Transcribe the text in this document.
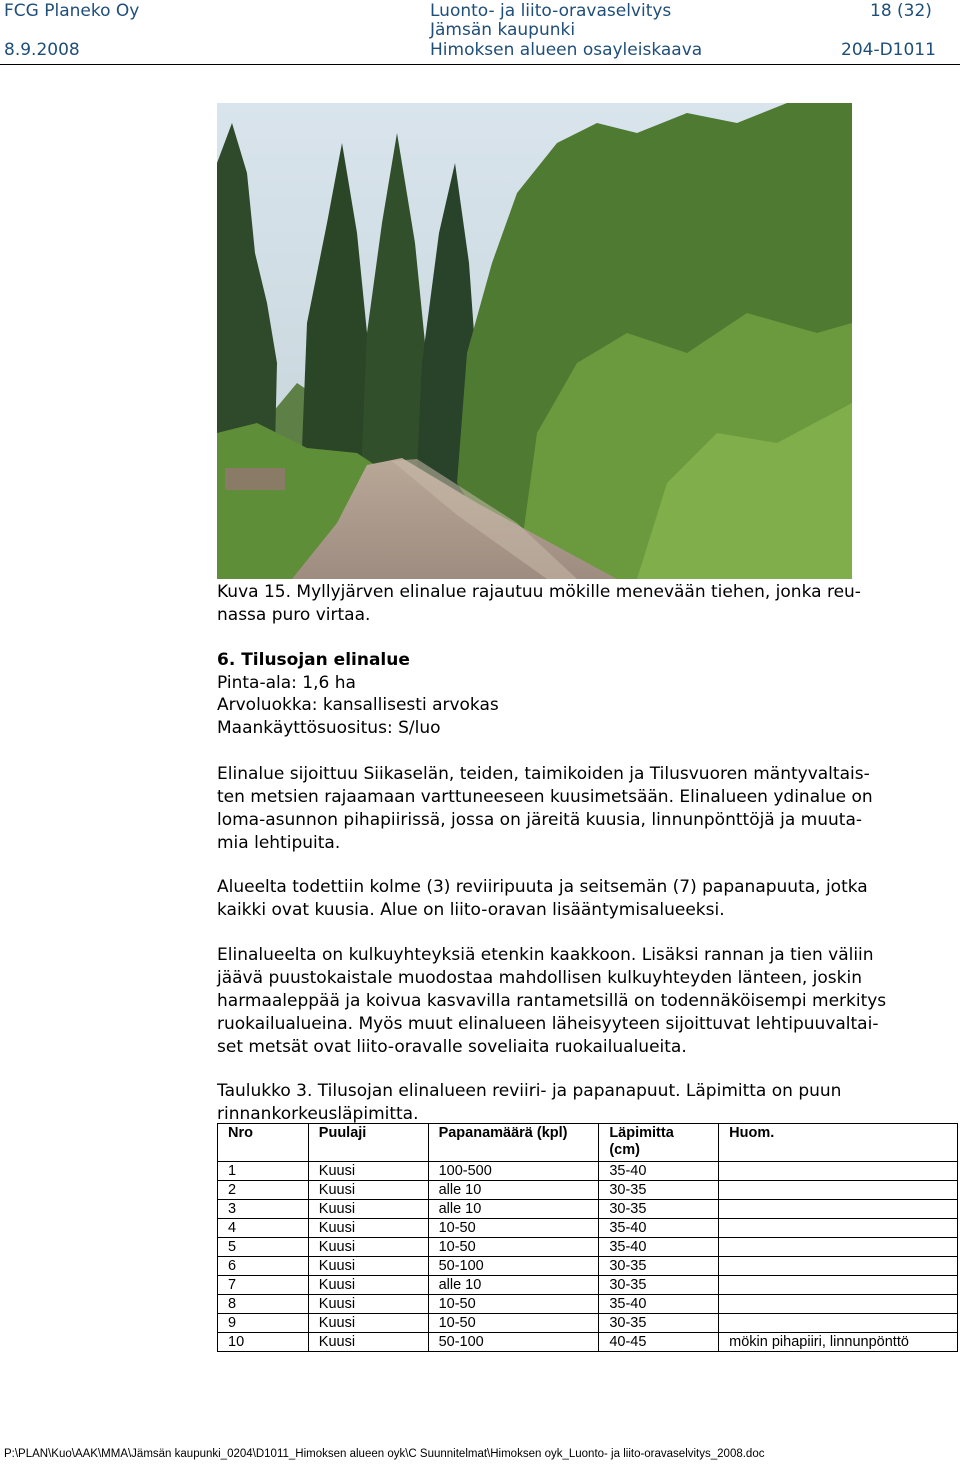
FCG Planeko Oy
8.9.2008
Luonto- ja liito-oravaselvitys
Jämsän kaupunki
Himoksen alueen osayleiskaava
18 (32)
204-D1011
Kuva 15. Myllyjärven elinalue rajautuu mökille menevään tiehen, jonka reu-
nassa puro virtaa.
6. Tilusojan elinalue
Pinta-ala: 1,6 ha
Arvoluokka: kansallisesti arvokas
Maankäyttösuositus: S/luo
Elinalue sijoittuu Siikaselän, teiden, taimikoiden ja Tilusvuoren mäntyvaltais-
ten metsien rajaamaan varttuneeseen kuusimetsään. Elinalueen ydinalue on
loma-asunnon pihapiirissä, jossa on järeitä kuusia, linnunpönttöjä ja muuta-
mia lehtipuita.
Alueelta todettiin kolme (3) reviiripuuta ja seitsemän (7) papanapuuta, jotka
kaikki ovat kuusia. Alue on liito-oravan lisääntymisalueeksi.
Elinalueelta on kulkuyhteyksiä etenkin kaakkoon. Lisäksi rannan ja tien väliin
jäävä puustokaistale muodostaa mahdollisen kulkuyhteyden länteen, joskin
harmaaleppää ja koivua kasvavilla rantametsillä on todennäköisempi merkitys
ruokailualueina. Myös muut elinalueen läheisyyteen sijoittuvat lehtipuuvaltai-
set metsät ovat liito-oravalle soveliaita ruokailualueita.
Taulukko 3. Tilusojan elinalueen reviiri- ja papanapuut. Läpimitta on puun
rinnankorkeusläpimitta.
Nro	Puulaji	Papanamäärä (kpl)	Läpimitta (cm)	Huom.
1	Kuusi	100-500	35-40	
2	Kuusi	alle 10	30-35	
3	Kuusi	alle 10	30-35	
4	Kuusi	10-50	35-40	
5	Kuusi	10-50	35-40	
6	Kuusi	50-100	30-35	
7	Kuusi	alle 10	30-35	
8	Kuusi	10-50	35-40	
9	Kuusi	10-50	30-35	
10	Kuusi	50-100	40-45	mökin pihapiiri, linnunpönttö
P:\PLAN\Kuo\AAK\MMA\Jämsän kaupunki_0204\D1011_Himoksen alueen oyk\C Suunnitelmat\Himoksen oyk_Luonto- ja liito-oravaselvitys_2008.doc
